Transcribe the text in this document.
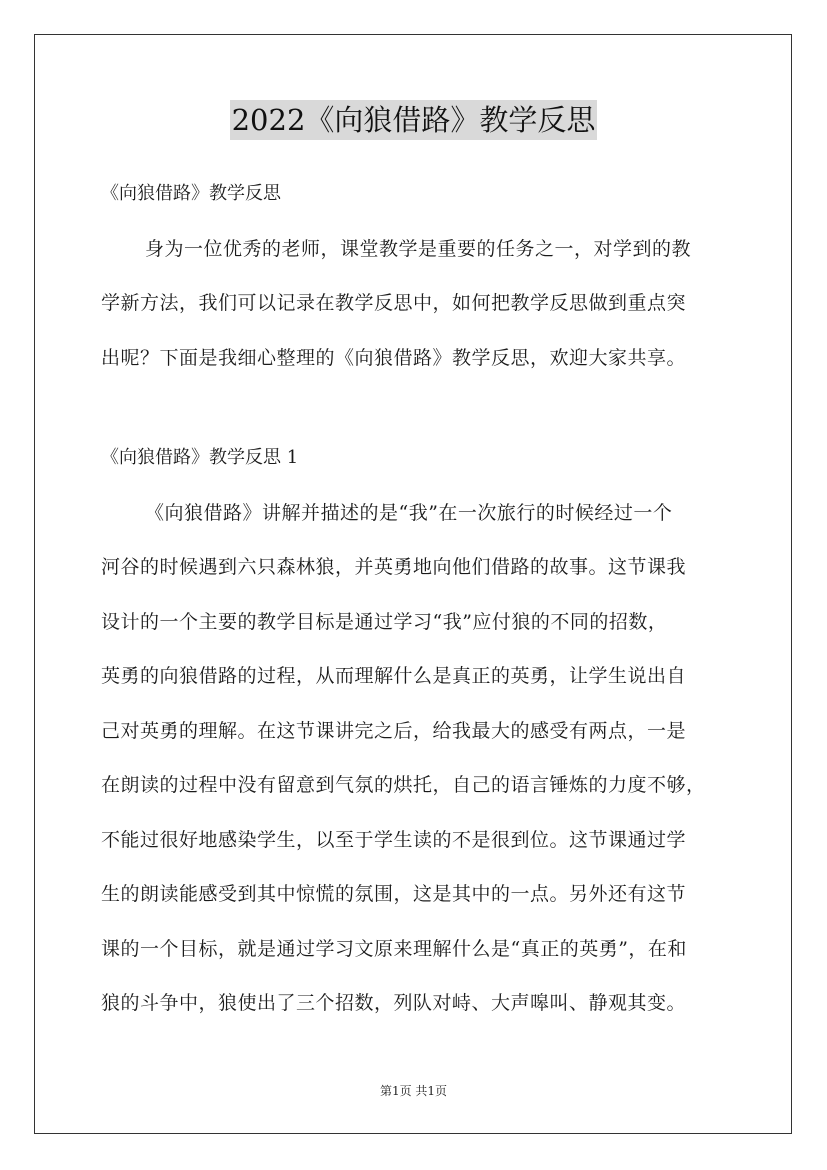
2022《向狼借路》教学反思
《向狼借路》教学反思
身为一位优秀的老师，课堂教学是重要的任务之一，对学到的教
学新方法，我们可以记录在教学反思中，如何把教学反思做到重点突
出呢？下面是我细心整理的《向狼借路》教学反思，欢迎大家共享。
《向狼借路》教学反思 1
《向狼借路》讲解并描述的是“我”在一次旅行的时候经过一个
河谷的时候遇到六只森林狼，并英勇地向他们借路的故事。这节课我
设计的一个主要的教学目标是通过学习“我”应付狼的不同的招数，
英勇的向狼借路的过程，从而理解什么是真正的英勇，让学生说出自
己对英勇的理解。在这节课讲完之后，给我最大的感受有两点，一是
在朗读的过程中没有留意到气氛的烘托，自己的语言锤炼的力度不够，
不能过很好地感染学生，以至于学生读的不是很到位。这节课通过学
生的朗读能感受到其中惊慌的氛围，这是其中的一点。另外还有这节
课的一个目标，就是通过学习文原来理解什么是“真正的英勇”，在和
狼的斗争中，狼使出了三个招数，列队对峙、大声嗥叫、静观其变。
第1页 共1页
